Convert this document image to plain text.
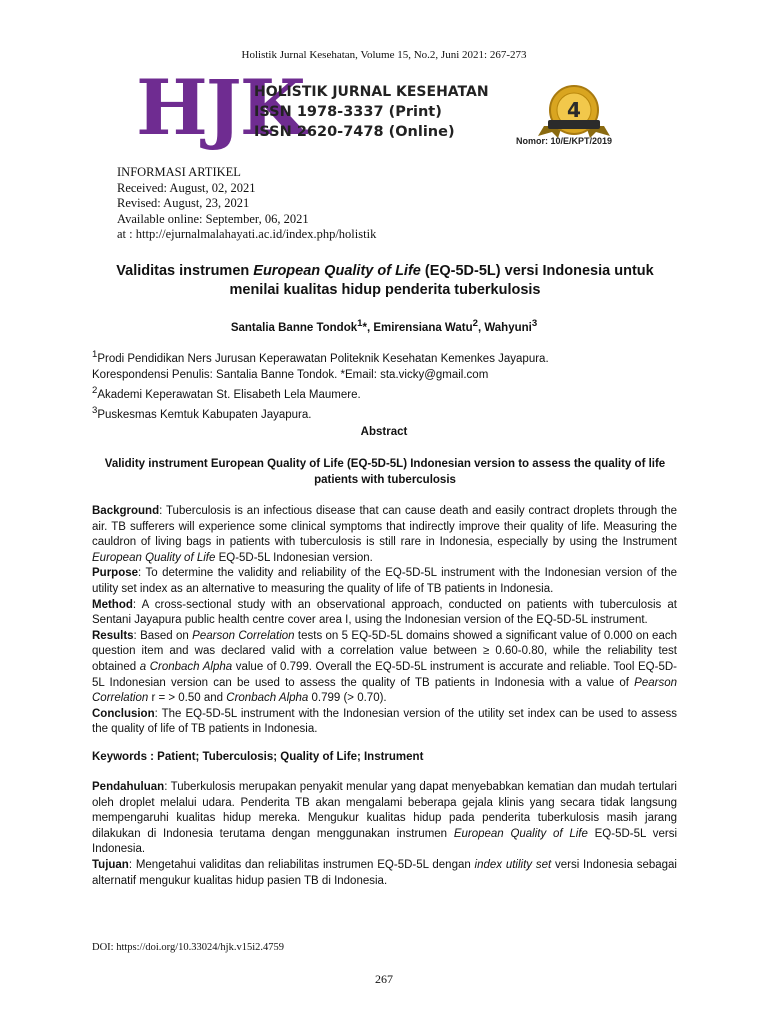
Holistik Jurnal Kesehatan, Volume 15, No.2, Juni 2021: 267-273
HJK
HOLISTIK JURNAL KESEHATAN
ISSN 1978-3337 (Print)
ISSN 2620-7478 (Online)
4
Nomor: 10/E/KPT/2019
INFORMASI ARTIKEL
Received: August, 02, 2021
Revised: August, 23, 2021
Available online: September, 06, 2021
at : http://ejurnalmalahayati.ac.id/index.php/holistik
Validitas instrumen European Quality of Life (EQ-5D-5L) versi Indonesia untuk menilai kualitas hidup penderita tuberkulosis
Santalia Banne Tondok$^1$*, Emirensiana Watu$^2$, Wahyuni$^3$
$^1$Prodi Pendidikan Ners Jurusan Keperawatan Politeknik Kesehatan Kemenkes Jayapura.
Korespondensi Penulis: Santalia Banne Tondok. *Email: sta.vicky@gmail.com
$^2$Akademi Keperawatan St. Elisabeth Lela Maumere.
$^3$Puskesmas Kemtuk Kabupaten Jayapura.
Abstract
Validity instrument European Quality of Life (EQ-5D-5L) Indonesian version to assess the quality of life patients with tuberculosis

Background: Tuberculosis is an infectious disease that can cause death and easily contract droplets through the air. TB sufferers will experience some clinical symptoms that indirectly improve their quality of life. Measuring the cauldron of living bags in patients with tuberculosis is still rare in Indonesia, especially by using the Instrument European Quality of Life EQ-5D-5L Indonesian version.

Purpose: To determine the validity and reliability of the EQ-5D-5L instrument with the Indonesian version of the utility set index as an alternative to measuring the quality of life of TB patients in Indonesia.

Method: A cross-sectional study with an observational approach, conducted on patients with tuberculosis at Sentani Jayapura public health centre cover area I, using the Indonesian version of the EQ-5D-5L instrument.

Results: Based on Pearson Correlation tests on 5 EQ-5D-5L domains showed a significant value of 0.000 on each question item and was declared valid with a correlation value between ≥ 0.60-0.80, while the reliability test obtained a Cronbach Alpha value of 0.799. Overall the EQ-5D-5L instrument is accurate and reliable. Tool EQ-5D-5L Indonesian version can be used to assess the quality of TB patients in Indonesia with a value of Pearson Correlation r = > 0.50 and Cronbach Alpha 0.799 (> 0.70).

Conclusion: The EQ-5D-5L instrument with the Indonesian version of the utility set index can be used to assess the quality of life of TB patients in Indonesia.

Keywords : Patient; Tuberculosis; Quality of Life; Instrument

Pendahuluan: Tuberkulosis merupakan penyakit menular yang dapat menyebabkan kematian dan mudah tertulari oleh droplet melalui udara. Penderita TB akan mengalami beberapa gejala klinis yang secara tidak langsung mempengaruhi kualitas hidup mereka. Mengukur kualitas hidup pada penderita tuberkulosis masih jarang dilakukan di Indonesia terutama dengan menggunakan instrumen European Quality of Life EQ-5D-5L versi Indonesia.

Tujuan: Mengetahui validitas dan reliabilitas instrumen EQ-5D-5L dengan index utility set versi Indonesia sebagai alternatif mengukur kualitas hidup pasien TB di Indonesia.

DOI: https://doi.org/10.33024/hjk.v15i2.4759
267
